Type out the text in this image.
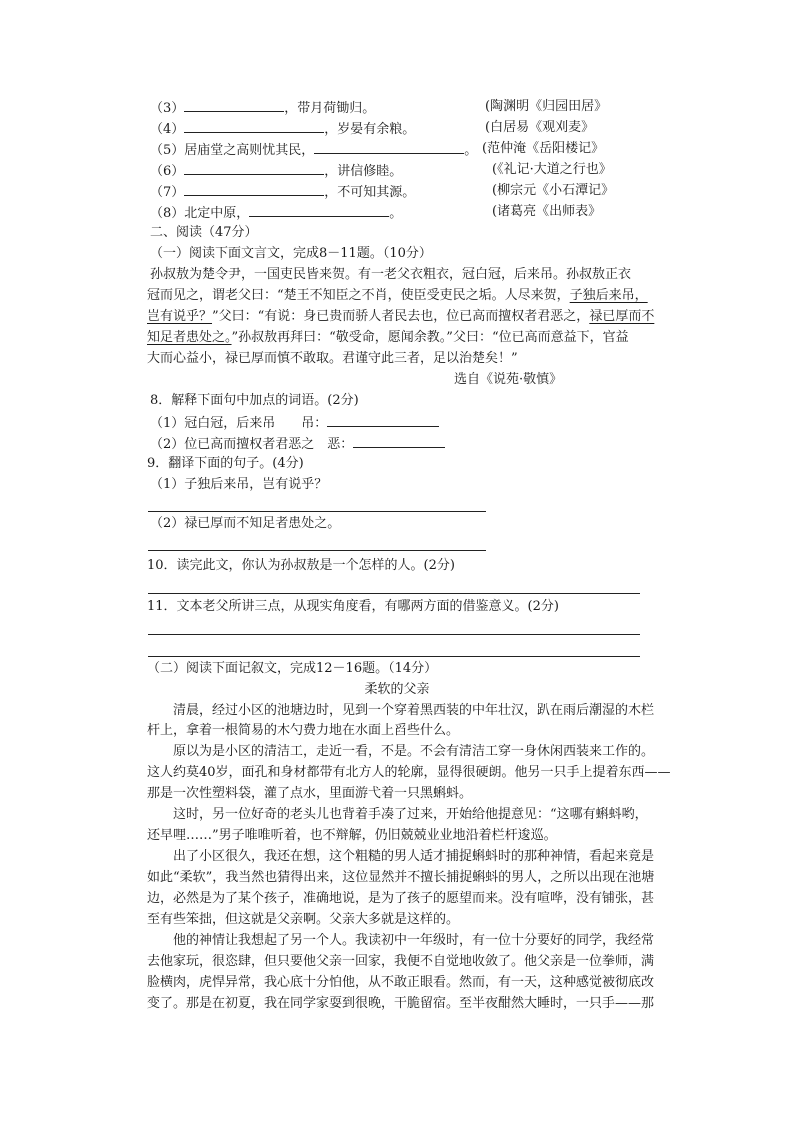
（3）	，带月荷锄归。	(陶渊明《归园田居》
（4）	，岁晏有余粮。	(白居易《观刈麦》
（5）居庙堂之高则忧其民，	。 (范仲淹《岳阳楼记》
（6）	，讲信修睦。	(《礼记·大道之行也》
（7）	，不可知其源。	(柳宗元《小石潭记》
（8）北定中原，	。	(诸葛亮《出师表》
二、阅读（47分）
（一）阅读下面文言文，完成8－11题。（10分）
孙叔敖为楚令尹，一国吏民皆来贺。有一老父衣粗衣，冠白冠，后来吊。孙叔敖正衣
冠而见之，谓老父曰：“楚王不知臣之不肖，使臣受吏民之垢。人尽来贺，子独后来吊，
岂有说乎？”父曰：“有说：身已贵而骄人者民去也，位已高而擅权者君恶之，禄已厚而不
知足者患处之。”孙叔敖再拜曰：“敬受命，愿闻余教。”父曰：“位已高而意益下，官益
大而心益小，禄已厚而慎不敢取。君谨守此三者，足以治楚矣！”
选自《说苑·敬慎》
8．解释下面句中加点的词语。(2分)
（1）冠白冠，后来吊　　吊：
（2）位已高而擅权者君恶之　恶：
9．翻译下面的句子。(4分)
（1）子独后来吊，岂有说乎？
（2）禄已厚而不知足者患处之。
10．读完此文，你认为孙叔敖是一个怎样的人。(2分)
11．文本老父所讲三点，从现实角度看，有哪两方面的借鉴意义。(2分)
（二）阅读下面记叙文，完成12－16题。（14分）
柔软的父亲
　　清晨，经过小区的池塘边时，见到一个穿着黑西装的中年壮汉，趴在雨后潮湿的木栏
杆上，拿着一根简易的木勺费力地在水面上舀些什么。
　　原以为是小区的清洁工，走近一看，不是。不会有清洁工穿一身休闲西装来工作的。
这人约莫40岁，面孔和身材都带有北方人的轮廓，显得很硬朗。他另一只手上提着东西——
那是一次性塑料袋，灌了点水，里面游弋着一只黑蝌蚪。
　　这时，另一位好奇的老头儿也背着手凑了过来，开始给他提意见：“这哪有蝌蚪哟，
还早哩……”男子唯唯听着，也不辩解，仍旧兢兢业业地沿着栏杆逡巡。
　　出了小区很久，我还在想，这个粗糙的男人适才捕捉蝌蚪时的那种神情，看起来竟是
如此“柔软”，我当然也猜得出来，这位显然并不擅长捕捉蝌蚪的男人，之所以出现在池塘
边，必然是为了某个孩子，准确地说，是为了孩子的愿望而来。没有喧哗，没有铺张，甚
至有些笨拙，但这就是父亲啊。父亲大多就是这样的。
　　他的神情让我想起了另一个人。我读初中一年级时，有一位十分要好的同学，我经常
去他家玩，很恣肆，但只要他父亲一回家，我便不自觉地收敛了。他父亲是一位拳师，满
脸横肉，虎悍异常，我心底十分怕他，从不敢正眼看。然而，有一天，这种感觉被彻底改
变了。那是在初夏，我在同学家耍到很晚，干脆留宿。至半夜酣然大睡时，一只手——那
